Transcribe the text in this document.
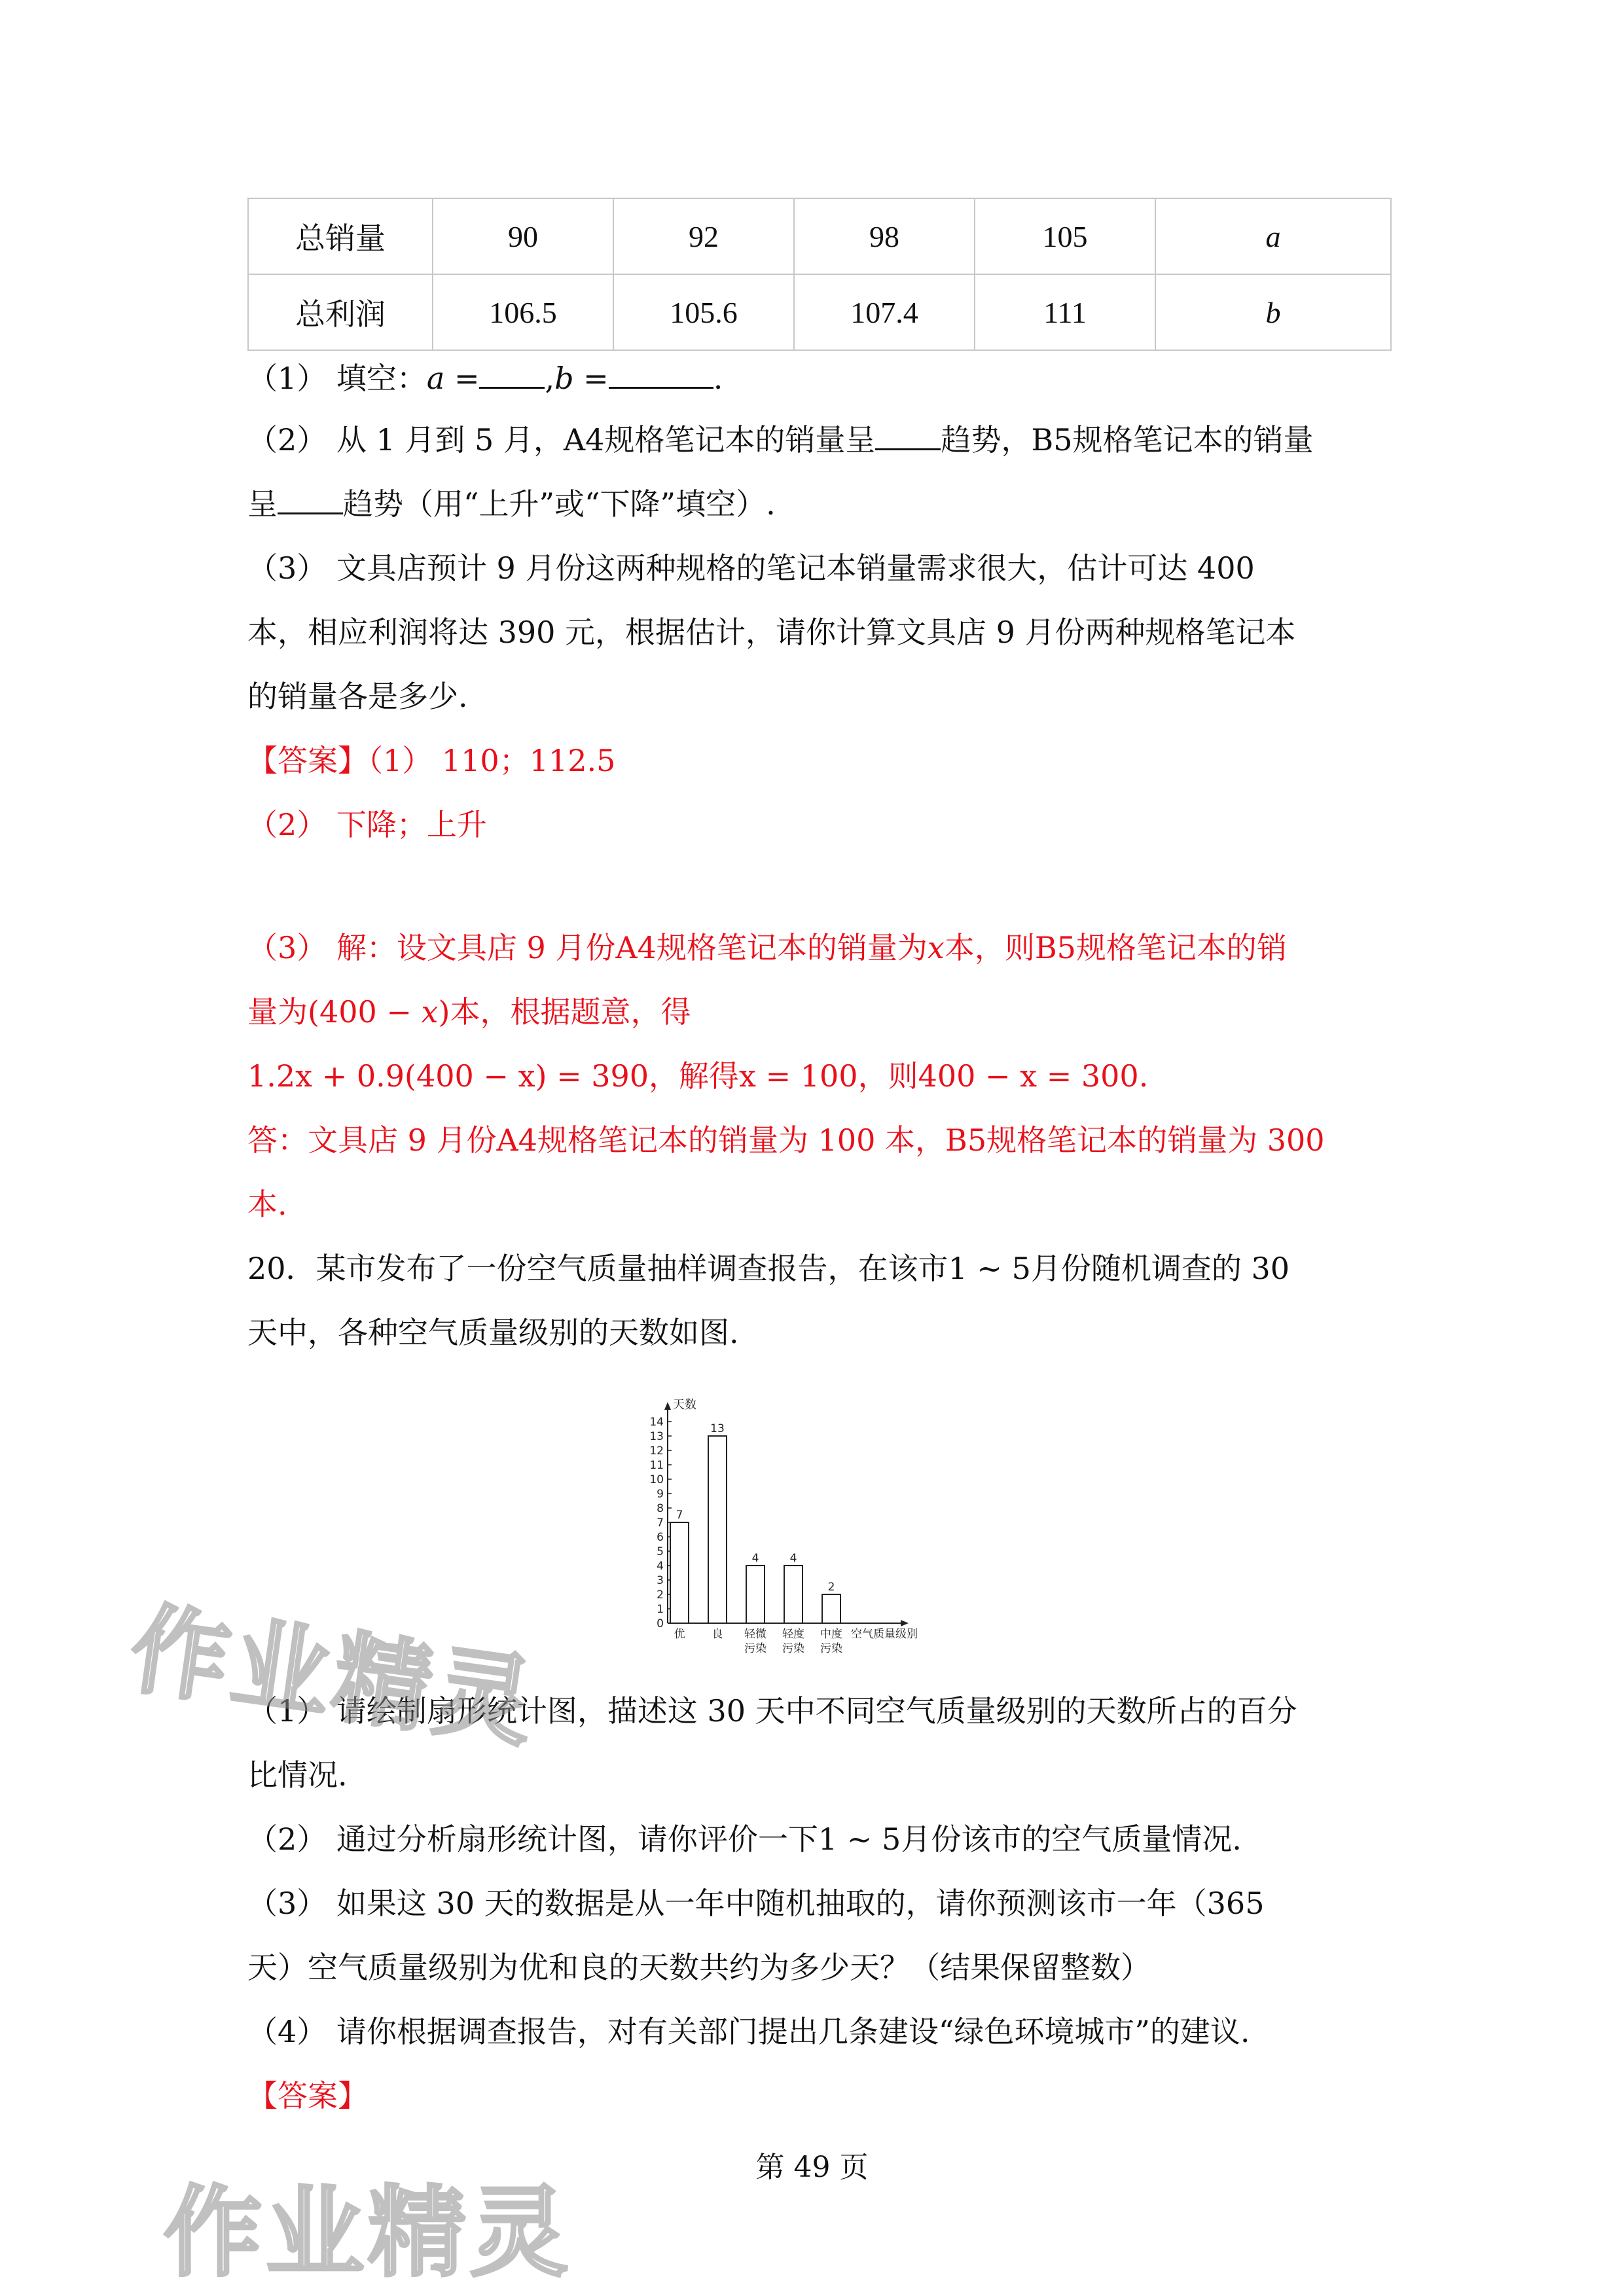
总销量	90	92	98	105	a
总利润	106.5	105.6	107.4	111	b
（1） 填空：a = ,b =	.
（2） 从 1 月到 5 月，A4规格笔记本的销量呈 趋势，B5规格笔记本的销量
呈 趋势（用“上升”或“下降”填空）.
（3） 文具店预计 9 月份这两种规格的笔记本销量需求很大，估计可达 400
本，相应利润将达 390 元，根据估计，请你计算文具店 9 月份两种规格笔记本
的销量各是多少.
【答案】（1） 110；112.5
（2） 下降；上升
（3） 解：设文具店 9 月份A4规格笔记本的销量为x本，则B5规格笔记本的销
量为(400 − x)本，根据题意，得
1.2x + 0.9(400 − x) = 390，解得x = 100，则400 − x = 300.
答：文具店 9 月份A4规格笔记本的销量为 100 本，B5规格笔记本的销量为 300
本.
20．某市发布了一份空气质量抽样调查报告，在该市1 ~ 5月份随机调查的 30
天中，各种空气质量级别的天数如图.
天数
0
1
2
3
4
5
6
7
8
9
10
11
12
13
14
7
优
13
良
4
轻微
污染
4
轻度
污染
2
中度
污染
空气质量级别
（1） 请绘制扇形统计图，描述这 30 天中不同空气质量级别的天数所占的百分
比情况.
（2） 通过分析扇形统计图，请你评价一下1 ~ 5月份该市的空气质量情况.
（3） 如果这 30 天的数据是从一年中随机抽取的，请你预测该市一年（365
天）空气质量级别为优和良的天数共约为多少天？（结果保留整数）
（4） 请你根据调查报告，对有关部门提出几条建设“绿色环境城市”的建议.
【答案】
第 49 页
作业精灵
作业精灵
